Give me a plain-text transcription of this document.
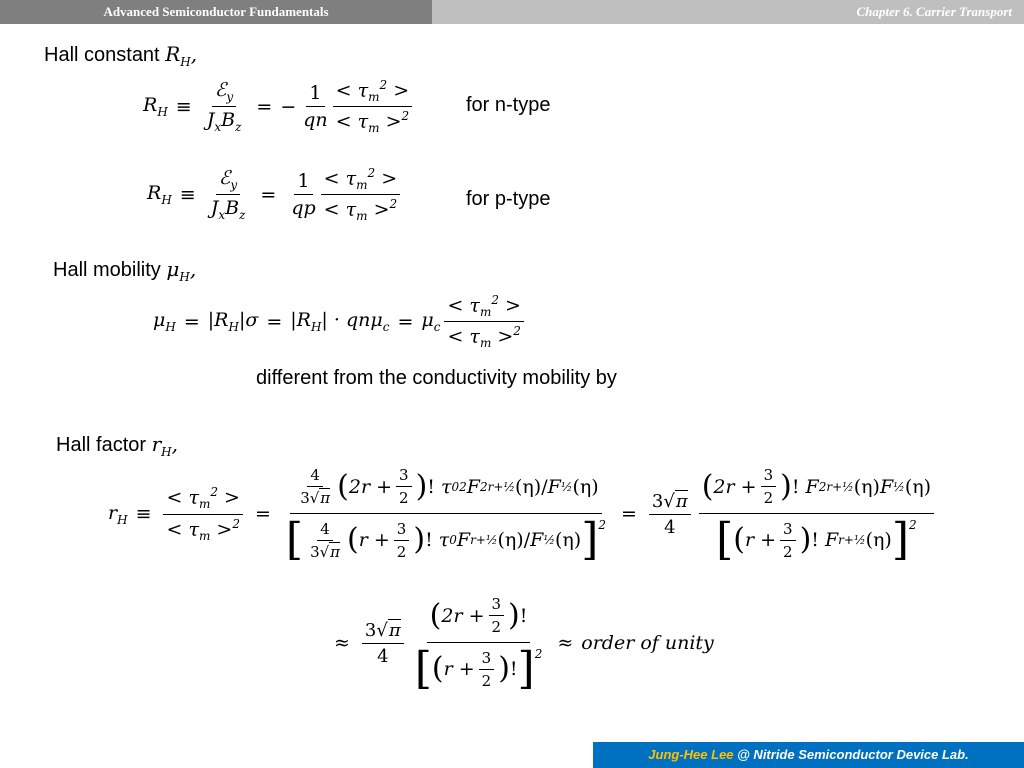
Advanced Semiconductor Fundamentals	Chapter 6. Carrier Transport
Hall constant $R_H$,
$R_H \equiv \frac{ℰ_y}{J_xB_z}$ = − $\frac{1}{qn} \frac{< \tau_m^2 >}{< \tau_m >^2}$	for n-type
$R_H \equiv \frac{ℰ_y}{J_xB_z} = \frac{1}{qp} \frac{< \tau_m^2 >}{< \tau_m >^2}$	for p-type
Hall mobility $\mu_H$,
$\mu_H = |R_H|\sigma = |R_H| \cdot qn\mu_c = \mu_c \frac{< \tau_m^2 >}{< \tau_m >^2}$
different from the conductivity mobility by
Hall factor $r_H$,
$r_H \equiv \frac{< \tau_m^2 >}{< \tau_m >^2} = \frac{\frac{4}{3√\pi} ( 2r + \frac{3}{2} ) ! \tau 0 2 F 2r+\frac{1}{2} (\eta)/ F \frac{1}{2} (\eta)}{[ \frac{4}{3√\pi} ( r + \frac{3}{2} ) ! \tau 0 F r+\frac{1}{2} (\eta)/ F \frac{1}{2} (\eta) ]^2} = \frac{3√\pi}{4} \frac{( 2r + \frac{3}{2} ) ! F 2r+\frac{1}{2} (\eta) F \frac{1}{2} (\eta)}{[ ( r + \frac{3}{2} ) ! F r+\frac{1}{2} (\eta) ]^2}$
≈ $\frac{3√\pi}{4} \frac{( 2r + \frac{3}{2} ) !}{[ ( r + \frac{3}{2} ) ! ]^2}$ ≈ order of unity
Jung-Hee Lee @ Nitride Semiconductor Device Lab.
